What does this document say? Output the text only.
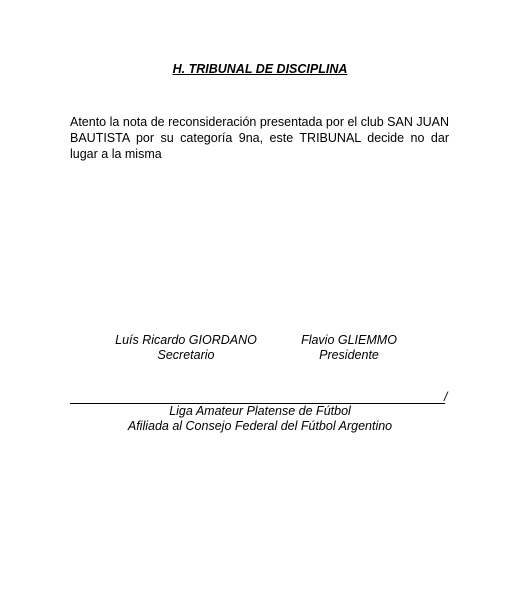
H. TRIBUNAL DE DISCIPLINA

Atento la nota de reconsideración presentada por el club SAN JUAN BAUTISTA por su categoría 9na, este TRIBUNAL decide no dar lugar a la misma

Luís Ricardo GIORDANO
Secretario
Flavio GLIEMMO
Presidente
/
Liga Amateur Platense de Fútbol
Afiliada al Consejo Federal del Fútbol Argentino
